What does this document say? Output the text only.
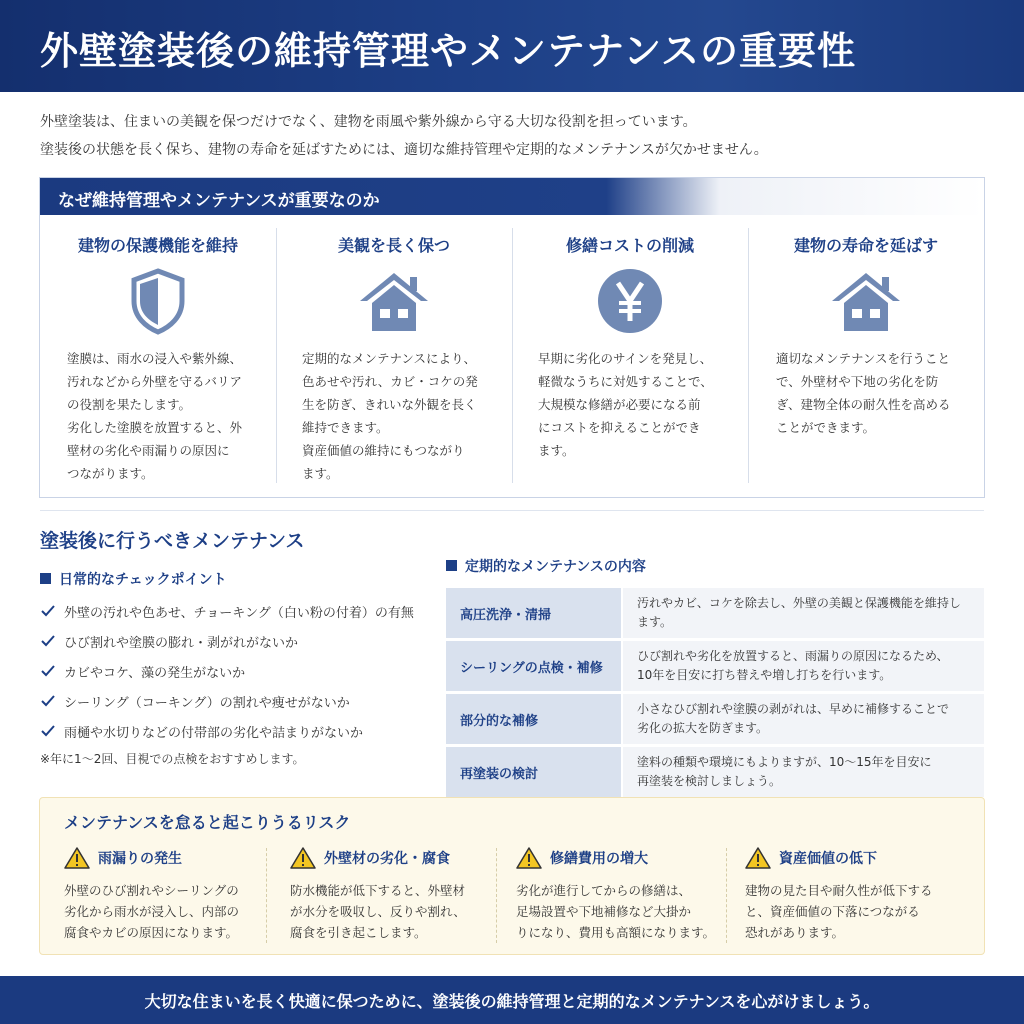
外壁塗装後の維持管理やメンテナンスの重要性
外壁塗装は、住まいの美観を保つだけでなく、建物を雨風や紫外線から守る大切な役割を担っています。
塗装後の状態を長く保ち、建物の寿命を延ばすためには、適切な維持管理や定期的なメンテナンスが欠かせません。
なぜ維持管理やメンテナンスが重要なのか
建物の保護機能を維持

塗膜は、雨水の浸入や紫外線、
汚れなどから外壁を守るバリア
の役割を果たします。
劣化した塗膜を放置すると、外
壁材の劣化や雨漏りの原因に
つながります。

美観を長く保つ

定期的なメンテナンスにより、
色あせや汚れ、カビ・コケの発
生を防ぎ、きれいな外観を長く
維持できます。
資産価値の維持にもつながり
ます。

修繕コストの削減

早期に劣化のサインを発見し、
軽微なうちに対処することで、
大規模な修繕が必要になる前
にコストを抑えることができ
ます。

建物の寿命を延ばす

適切なメンテナンスを行うこと
で、外壁材や下地の劣化を防
ぎ、建物全体の耐久性を高める
ことができます。

塗装後に行うべきメンテナンス
日常的なチェックポイント
外壁の汚れや色あせ、チョーキング（白い粉の付着）の有無
ひび割れや塗膜の膨れ・剥がれがないか
カビやコケ、藻の発生がないか
シーリング（コーキング）の割れや痩せがないか
雨樋や水切りなどの付帯部の劣化や詰まりがないか
※年に1〜2回、目視での点検をおすすめします。
定期的なメンテナンスの内容
高圧洗浄・清掃	汚れやカビ、コケを除去し、外壁の美観と保護機能を維持します。
シーリングの点検・補修	ひび割れや劣化を放置すると、雨漏りの原因になるため、
10年を目安に打ち替えや増し打ちを行います。
部分的な補修	小さなひび割れや塗膜の剥がれは、早めに補修することで
劣化の拡大を防ぎます。
再塗装の検討	塗料の種類や環境にもよりますが、10〜15年を目安に
再塗装を検討しましょう。
メンテナンスを怠ると起こりうるリスク
雨漏りの発生

外壁のひび割れやシーリングの
劣化から雨水が浸入し、内部の
腐食やカビの原因になります。

外壁材の劣化・腐食

防水機能が低下すると、外壁材
が水分を吸収し、反りや割れ、
腐食を引き起こします。

修繕費用の増大

劣化が進行してからの修繕は、
足場設置や下地補修など大掛か
りになり、費用も高額になります。

資産価値の低下

建物の見た目や耐久性が低下する
と、資産価値の下落につながる
恐れがあります。

大切な住まいを長く快適に保つために、塗装後の維持管理と定期的なメンテナンスを心がけましょう。
